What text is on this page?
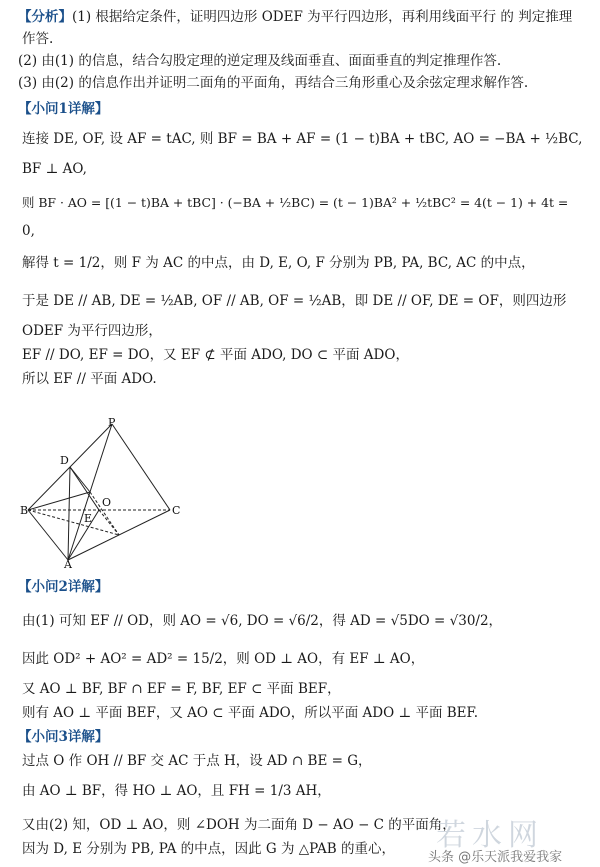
【分析】(1) 根据给定条件，证明四边形 ODEF 为平行四边形，再利用线面平行 的 判定推理
作答.
(2) 由(1) 的信息，结合勾股定理的逆定理及线面垂直、面面垂直的判定推理作答.
(3) 由(2) 的信息作出并证明二面角的平面角，再结合三角形重心及余弦定理求解作答.
【小问1详解】
连接 DE, OF, 设 AF = tAC, 则 BF = BA + AF = (1 − t)BA + tBC, AO = −BA + ½BC,
BF ⊥ AO,
则 BF · AO = [(1 − t)BA + tBC] · (−BA + ½BC) = (t − 1)BA² + ½tBC² = 4(t − 1) + 4t =
0,
解得 t = 1/2，则 F 为 AC 的中点，由 D, E, O, F 分别为 PB, PA, BC, AC 的中点，
于是 DE // AB, DE = ½AB, OF // AB, OF = ½AB，即 DE // OF, DE = OF，则四边形
ODEF 为平行四边形，
EF // DO, EF = DO，又 EF ⊄ 平面 ADO, DO ⊂ 平面 ADO，
所以 EF // 平面 ADO.
P
D
O
B
E
C
A
【小问2详解】
由(1) 可知 EF // OD，则 AO = √6, DO = √6/2，得 AD = √5DO = √30/2，
因此 OD² + AO² = AD² = 15/2，则 OD ⊥ AO，有 EF ⊥ AO，
又 AO ⊥ BF, BF ∩ EF = F, BF, EF ⊂ 平面 BEF，
则有 AO ⊥ 平面 BEF，又 AO ⊂ 平面 ADO，所以平面 ADO ⊥ 平面 BEF.
【小问3详解】
过点 O 作 OH // BF 交 AC 于点 H，设 AD ∩ BE = G，
由 AO ⊥ BF，得 HO ⊥ AO，且 FH = 1/3 AH，
又由(2) 知，OD ⊥ AO，则 ∠DOH 为二面角 D − AO − C 的平面角，
因为 D, E 分别为 PB, PA 的中点，因此 G 为 △PAB 的重心，	若水网
头条 @乐天派我爱我家
